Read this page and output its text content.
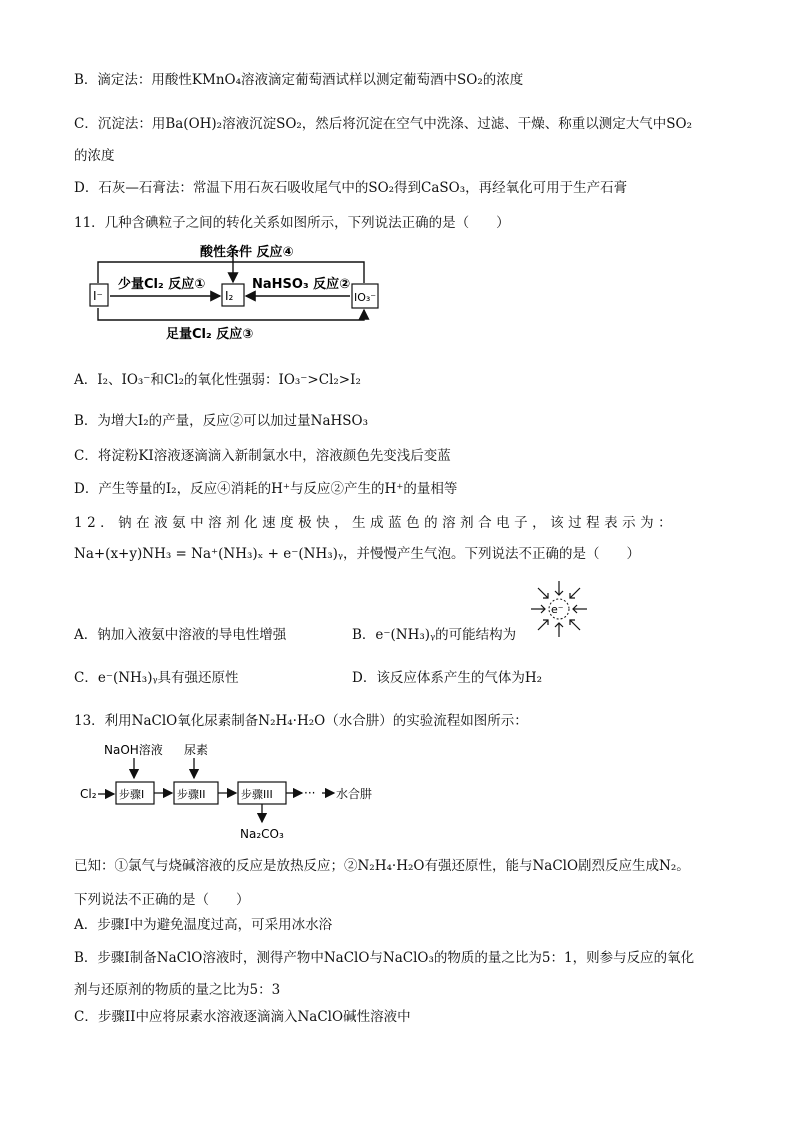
B．滴定法：用酸性KMnO₄溶液滴定葡萄酒试样以测定葡萄酒中SO₂的浓度
C．沉淀法：用Ba(OH)₂溶液沉淀SO₂，然后将沉淀在空气中洗涤、过滤、干燥、称重以测定大气中SO₂
的浓度
D．石灰—石膏法：常温下用石灰石吸收尾气中的SO₂得到CaSO₃，再经氧化可用于生产石膏
11．几种含碘粒子之间的转化关系如图所示，下列说法正确的是（　　）
酸性条件 反应④
少量Cl₂ 反应①	NaHSO₃ 反应②
足量Cl₂ 反应③
I⁻	I₂	IO₃⁻
A．I₂、IO₃⁻和Cl₂的氧化性强弱：IO₃⁻>Cl₂>I₂
B．为增大I₂的产量，反应②可以加过量NaHSO₃
C．将淀粉KI溶液逐滴滴入新制氯水中，溶液颜色先变浅后变蓝
D．产生等量的I₂，反应④消耗的H⁺与反应②产生的H⁺的量相等
12．钠在液氨中溶剂化速度极快，生成蓝色的溶剂合电子，该过程表示为：
Na+(x+y)NH₃ = Na⁺(NH₃)ₓ + e⁻(NH₃)ᵧ，并慢慢产生气泡。下列说法不正确的是（　　）
e⁻
A．钠加入液氨中溶液的导电性增强	B．e⁻(NH₃)ᵧ的可能结构为
C．e⁻(NH₃)ᵧ具有强还原性	D．该反应体系产生的气体为H₂
13．利用NaClO氧化尿素制备N₂H₄·H₂O（水合肼）的实验流程如图所示：
NaOH溶液 尿素
Cl₂ 步骤I	步骤II	步骤III	··· 水合肼
Na₂CO₃
已知：①氯气与烧碱溶液的反应是放热反应；②N₂H₄·H₂O有强还原性，能与NaClO剧烈反应生成N₂。
下列说法不正确的是（　　）
A．步骤I中为避免温度过高，可采用冰水浴
B．步骤I制备NaClO溶液时，测得产物中NaClO与NaClO₃的物质的量之比为5：1，则参与反应的氧化
剂与还原剂的物质的量之比为5：3
C．步骤II中应将尿素水溶液逐滴滴入NaClO碱性溶液中
